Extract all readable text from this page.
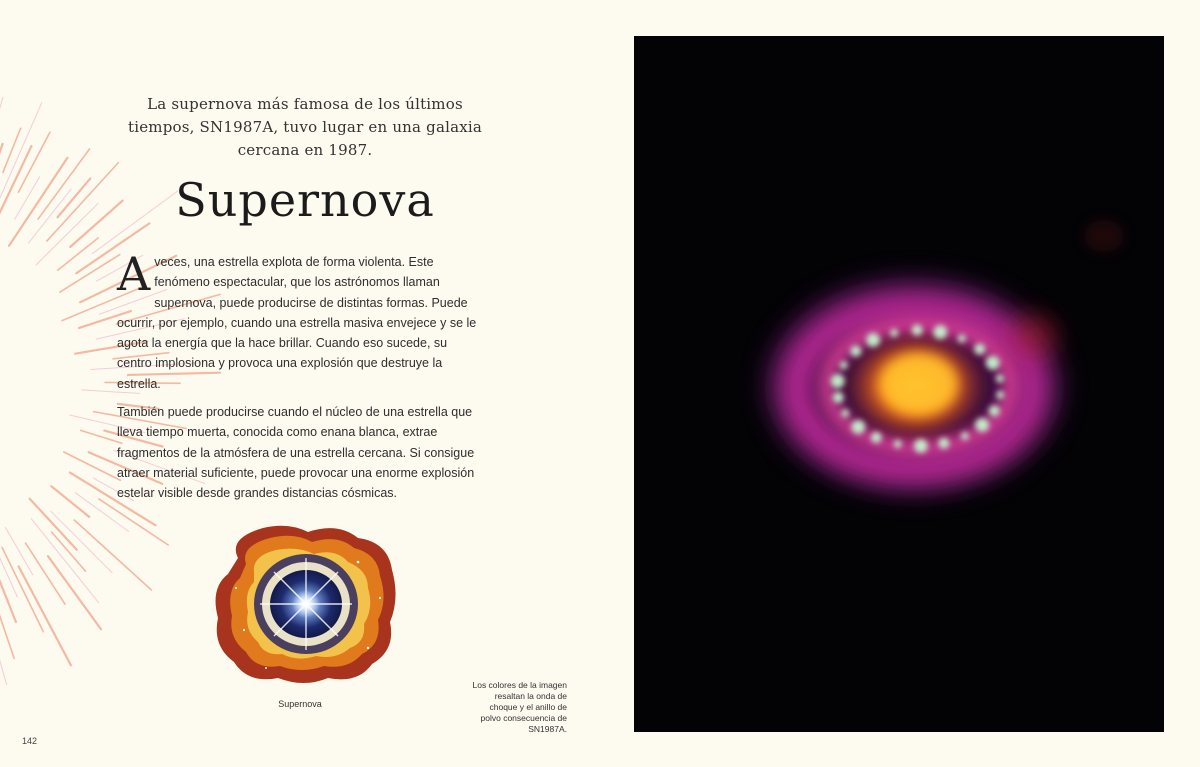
La supernova más famosa de los últimos tiempos, SN1987A, tuvo lugar en una galaxia cercana en 1987.
Supernova

Aveces, una estrella explota de forma violenta. Este fenómeno espectacular, que los astrónomos llaman supernova, puede producirse de distintas formas. Puede ocurrir, por ejemplo, cuando una estrella masiva envejece y se le agota la energía que la hace brillar. Cuando eso sucede, su centro implosiona y provoca una explosión que destruye la estrella.

También puede producirse cuando el núcleo de una estrella que lleva tiempo muerta, conocida como enana blanca, extrae fragmentos de la atmósfera de una estrella cercana. Si consigue atraer material suficiente, puede provocar una enorme explosión estelar visible desde grandes distancias cósmicas.

Supernova
Los colores de la imagen resaltan la onda de choque y el anillo de polvo consecuencia de SN1987A.
142
